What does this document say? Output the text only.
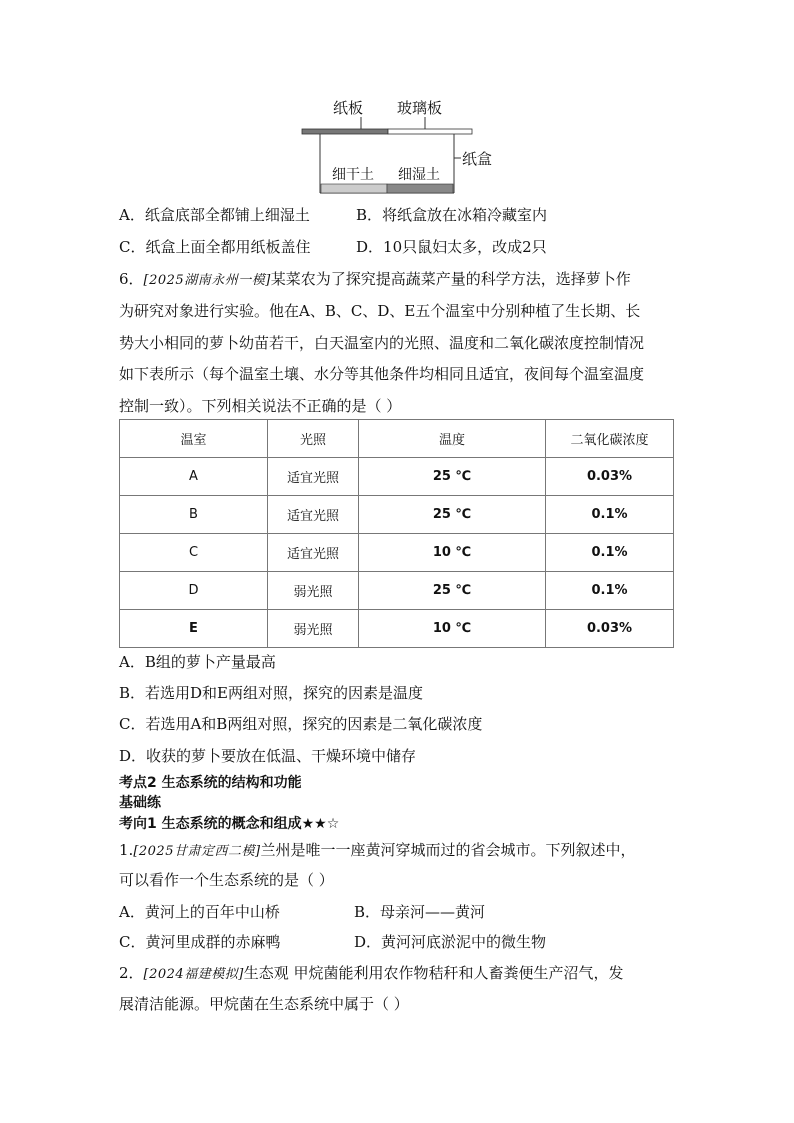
纸板 玻璃板
细干土 细湿土
纸盒
A．纸盒底部全都铺上细湿土	B．将纸盒放在冰箱冷藏室内
C．纸盒上面全都用纸板盖住	D．10只鼠妇太多，改成2只
6．[2025湖南永州一模]某菜农为了探究提高蔬菜产量的科学方法，选择萝卜作
为研究对象进行实验。他在A、B、C、D、E五个温室中分别种植了生长期、长
势大小相同的萝卜幼苗若干，白天温室内的光照、温度和二氧化碳浓度控制情况
如下表所示（每个温室土壤、水分等其他条件均相同且适宜，夜间每个温室温度
控制一致）。下列相关说法不正确的是（ ）
温室	光照	温度	二氧化碳浓度
A	适宜光照	25 ℃	0.03%
B	适宜光照	25 ℃	0.1%
C	适宜光照	10 ℃	0.1%
D	弱光照	25 ℃	0.1%
E	弱光照	10 ℃	0.03%
A．B组的萝卜产量最高
B．若选用D和E两组对照，探究的因素是温度
C．若选用A和B两组对照，探究的因素是二氧化碳浓度
D．收获的萝卜要放在低温、干燥环境中储存
考点2 生态系统的结构和功能
基础练
考向1 生态系统的概念和组成★★☆
1.[2025甘肃定西二模]兰州是唯一一座黄河穿城而过的省会城市。下列叙述中，
可以看作一个生态系统的是（ ）
A．黄河上的百年中山桥	B．母亲河——黄河
C．黄河里成群的赤麻鸭	D．黄河河底淤泥中的微生物
2．[2024福建模拟]生态观 甲烷菌能利用农作物秸秆和人畜粪便生产沼气，发
展清洁能源。甲烷菌在生态系统中属于（ ）
